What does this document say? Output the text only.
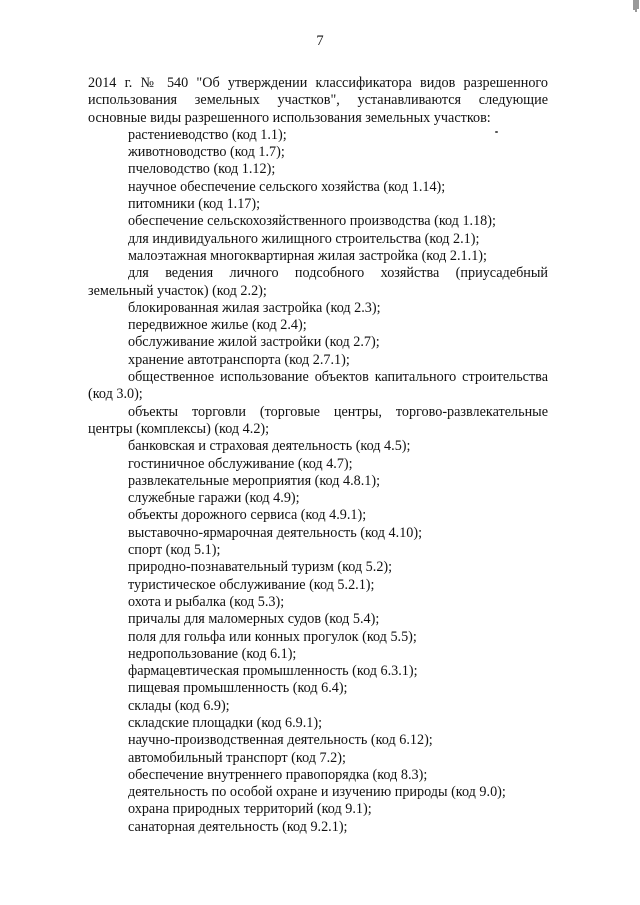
7

2014 г. № 540 "Об утверждении классификатора видов разрешенного использования земельных участков", устанавливаются следующие основные виды разрешенного использования земельных участков:

растениеводство (код 1.1);

животноводство (код 1.7);

пчеловодство (код 1.12);

научное обеспечение сельского хозяйства (код 1.14);

питомники (код 1.17);

обеспечение сельскохозяйственного производства (код 1.18);

для индивидуального жилищного строительства (код 2.1);

малоэтажная многоквартирная жилая застройка (код 2.1.1);

для ведения личного подсобного хозяйства (приусадебный земельный участок) (код 2.2);

блокированная жилая застройка (код 2.3);

передвижное жилье (код 2.4);

обслуживание жилой застройки (код 2.7);

хранение автотранспорта (код 2.7.1);

общественное использование объектов капитального строительства (код 3.0);

объекты торговли (торговые центры, торгово-развлекательные центры (комплексы) (код 4.2);

банковская и страховая деятельность (код 4.5);

гостиничное обслуживание (код 4.7);

развлекательные мероприятия (код 4.8.1);

служебные гаражи (код 4.9);

объекты дорожного сервиса (код 4.9.1);

выставочно-ярмарочная деятельность (код 4.10);

спорт (код 5.1);

природно-познавательный туризм (код 5.2);

туристическое обслуживание (код 5.2.1);

охота и рыбалка (код 5.3);

причалы для маломерных судов (код 5.4);

поля для гольфа или конных прогулок (код 5.5);

недропользование (код 6.1);

фармацевтическая промышленность (код 6.3.1);

пищевая промышленность (код 6.4);

склады (код 6.9);

складские площадки (код 6.9.1);

научно-производственная деятельность (код 6.12);

автомобильный транспорт (код 7.2);

обеспечение внутреннего правопорядка (код 8.3);

деятельность по особой охране и изучению природы (код 9.0);

охрана природных территорий (код 9.1);

санаторная деятельность (код 9.2.1);
